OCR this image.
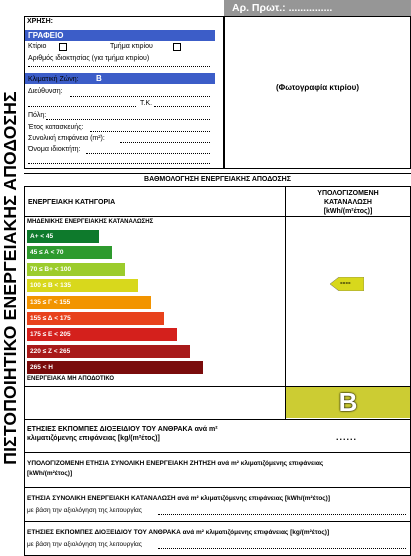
ΠΙΣΤΟΠΟΙΗΤΙΚΟ ΕΝΕΡΓΕΙΑΚΗΣ ΑΠΟΔΟΣΗΣ
Αρ. Πρωτ.: ...............
ΧΡΗΣΗ:
ΓΡΑΦΕΙΟ
Κτίριο	Τμήμα κτιρίου
Αριθμός ιδιοκτησίας (για τμήμα κτιρίου)
Κλιματική Ζώνη: Β
Διεύθυνση:
Τ.Κ.
Πόλη:
Έτος κατασκευής:
Συνολική επιφάνεια (m²):
Όνομα ιδιοκτήτη:
(Φωτογραφία κτιρίου)
ΒΑΘΜΟΛΟΓΗΣΗ ΕΝΕΡΓΕΙΑΚΗΣ ΑΠΟΔΟΣΗΣ
ΕΝΕΡΓΕΙΑΚΗ ΚΑΤΗΓΟΡΙΑ
ΥΠΟΛΟΓΙΖΟΜΕΝΗ
ΚΑΤΑΝΑΛΩΣΗ
[kWh/(m²έτος)]
ΜΗΔΕΝΙΚΗΣ ΕΝΕΡΓΕΙΑΚΗΣ ΚΑΤΑΝΑΛΩΣΗΣ
Α+ < 45
45 ≤ Α < 70
70 ≤ Β+ < 100
100 ≤ Β < 135
135 ≤ Γ < 155
155 ≤ Δ < 175
175 ≤ Ε < 205
220 ≤ Ζ < 265
265 < Η
ΕΝΕΡΓΕΙΑΚΑ ΜΗ ΑΠΟΔΟΤΙΚΟ
----
Β
ΕΤΗΣΙΕΣ ΕΚΠΟΜΠΕΣ ΔΙΟΞΕΙΔΙΟΥ ΤΟΥ ΑΝΘΡΑΚΑ ανά m²
κλιματιζόμενης επιφάνειας [kg/(m²έτος)]	......
ΥΠΟΛΟΓΙΖΟΜΕΝΗ ΕΤΗΣΙΑ ΣΥΝΟΛΙΚΗ ΕΝΕΡΓΕΙΑΚΗ ΖΗΤΗΣΗ ανά m² κλιματιζόμενης επιφάνειας
[kWh/(m²έτος)]
ΕΤΗΣΙΑ ΣΥΝΟΛΙΚΗ ΕΝΕΡΓΕΙΑΚΗ ΚΑΤΑΝΑΛΩΣΗ ανά m² κλιματιζόμενης επιφάνειας [kWh/(m²έτος)]
με βάση την αξιολόγηση της λειτουργίας
ΕΤΗΣΙΕΣ ΕΚΠΟΜΠΕΣ ΔΙΟΞΕΙΔΙΟΥ ΤΟΥ ΑΝΘΡΑΚΑ ανά m² κλιματιζόμενης επιφάνειας [kg/(m²έτος)]
με βάση την αξιολόγηση της λειτουργίας
